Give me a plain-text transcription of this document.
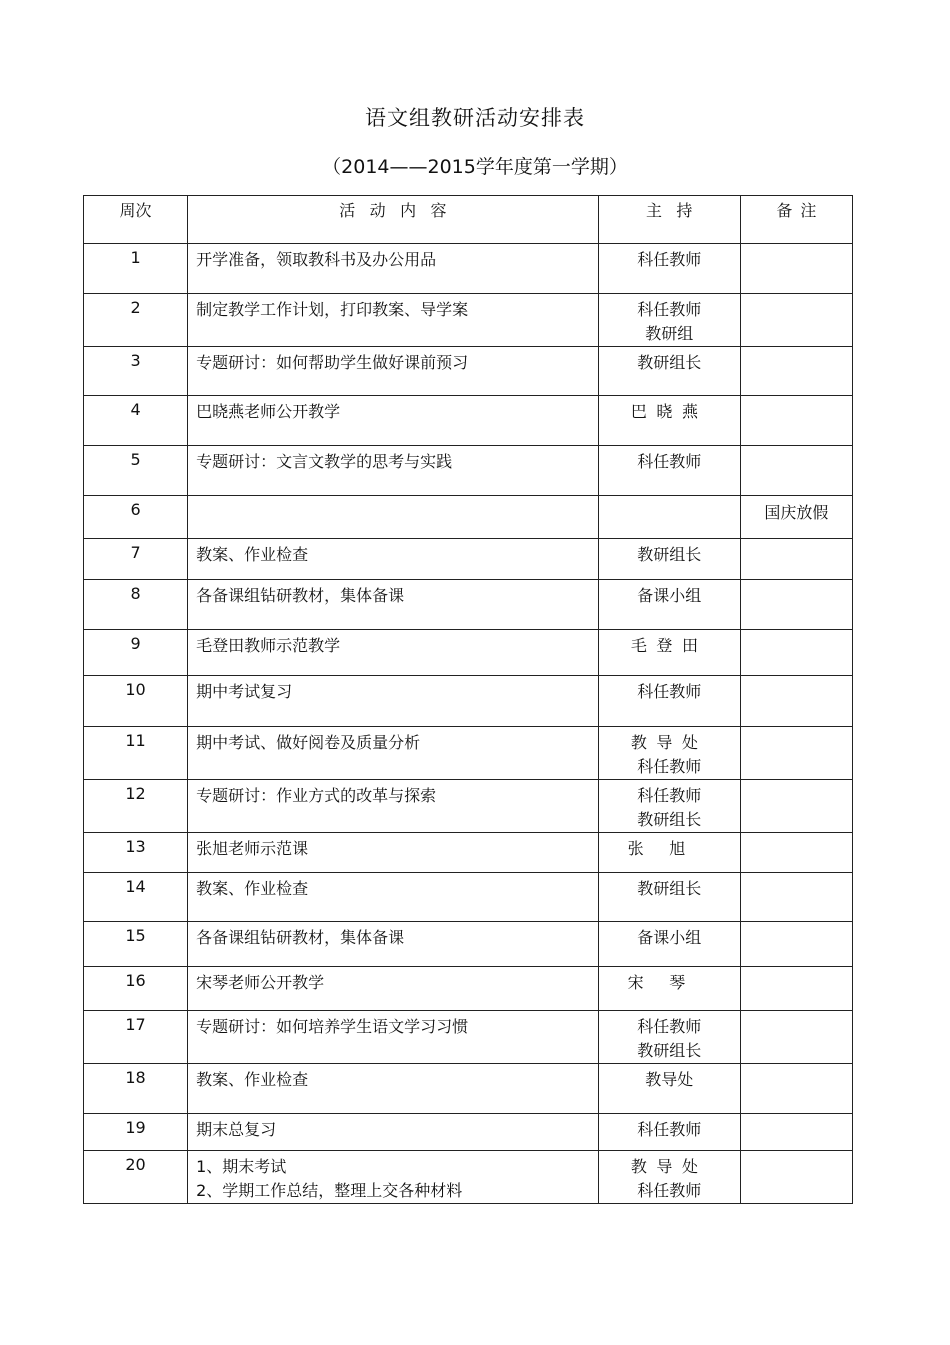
语文组教研活动安排表
（2014——2015学年度第一学期）
周次	活动内容	主持	备注
1	开学准备，领取教科书及办公用品	科任教师	

2	制定教学工作计划，打印教案、导学案	科任教师
教研组	

3	专题研讨：如何帮助学生做好课前预习	教研组长	

4	巴晓燕老师公开教学	巴晓燕	

5	专题研讨：文言文教学的思考与实践	科任教师	

6			国庆放假
7	教案、作业检查	教研组长	

8	各备课组钻研教材，集体备课	备课小组	

9	毛登田教师示范教学	毛登田	

10	期中考试复习	科任教师	

11	期中考试、做好阅卷及质量分析	教导处
科任教师	

12	专题研讨：作业方式的改革与探索	科任教师
教研组长	

13	张旭老师示范课	张旭	

14	教案、作业检查	教研组长	

15	各备课组钻研教材，集体备课	备课小组	

16	宋琴老师公开教学	宋琴	

17	专题研讨：如何培养学生语文学习习惯	科任教师
教研组长	

18	教案、作业检查	教导处	

19	期末总复习	科任教师	

20	1、期末考试
2、学期工作总结，整理上交各种材料	教导处
科任教师	
